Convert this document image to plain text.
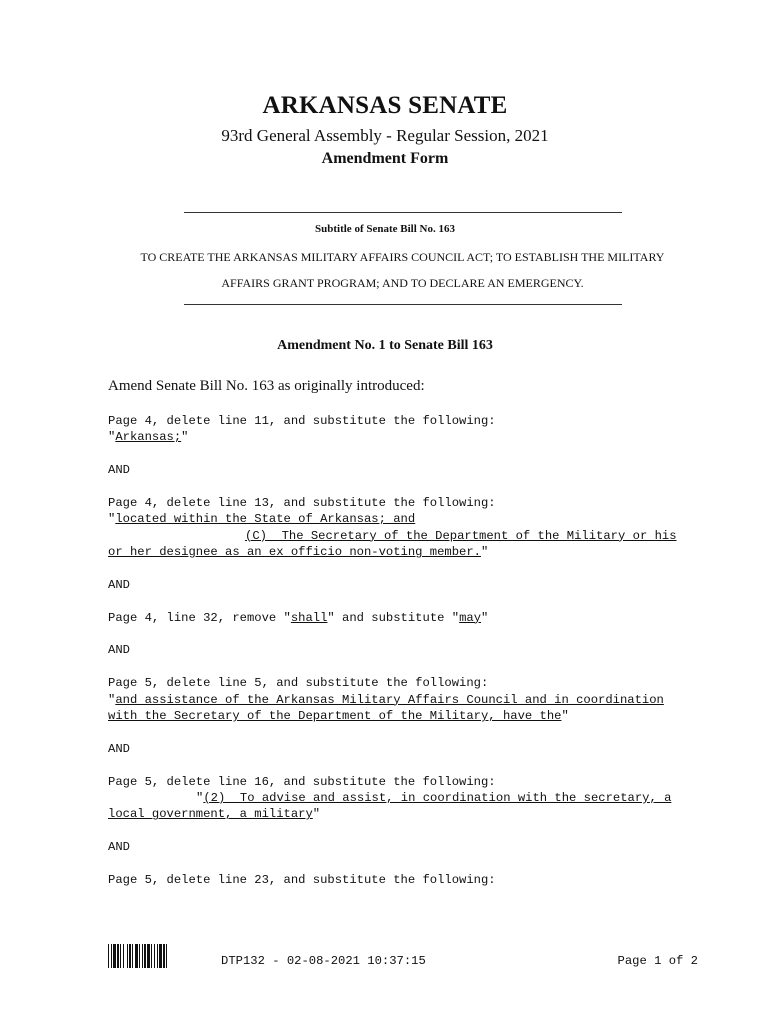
ARKANSAS SENATE
93rd General Assembly - Regular Session, 2021
Amendment Form
Subtitle of Senate Bill No. 163
TO CREATE THE ARKANSAS MILITARY AFFAIRS COUNCIL ACT; TO ESTABLISH THE MILITARY
AFFAIRS GRANT PROGRAM; AND TO DECLARE AN EMERGENCY.
Amendment No. 1 to Senate Bill 163
Amend Senate Bill No. 163 as originally introduced:
Page 4, delete line 11, and substitute the following:
"Arkansas;"
AND
Page 4, delete line 13, and substitute the following:
"located within the State of Arkansas; and
(C)  The Secretary of the Department of the Military or his
or her designee as an ex officio non-voting member."
AND
Page 4, line 32, remove "shall" and substitute "may"
AND
Page 5, delete line 5, and substitute the following:
"and assistance of the Arkansas Military Affairs Council and in coordination
with the Secretary of the Department of the Military, have the"
AND
Page 5, delete line 16, and substitute the following:
"(2)  To advise and assist, in coordination with the secretary, a
local government, a military"
AND
Page 5, delete line 23, and substitute the following:
DTP132 - 02-08-2021 10:37:15	Page 1 of 2
